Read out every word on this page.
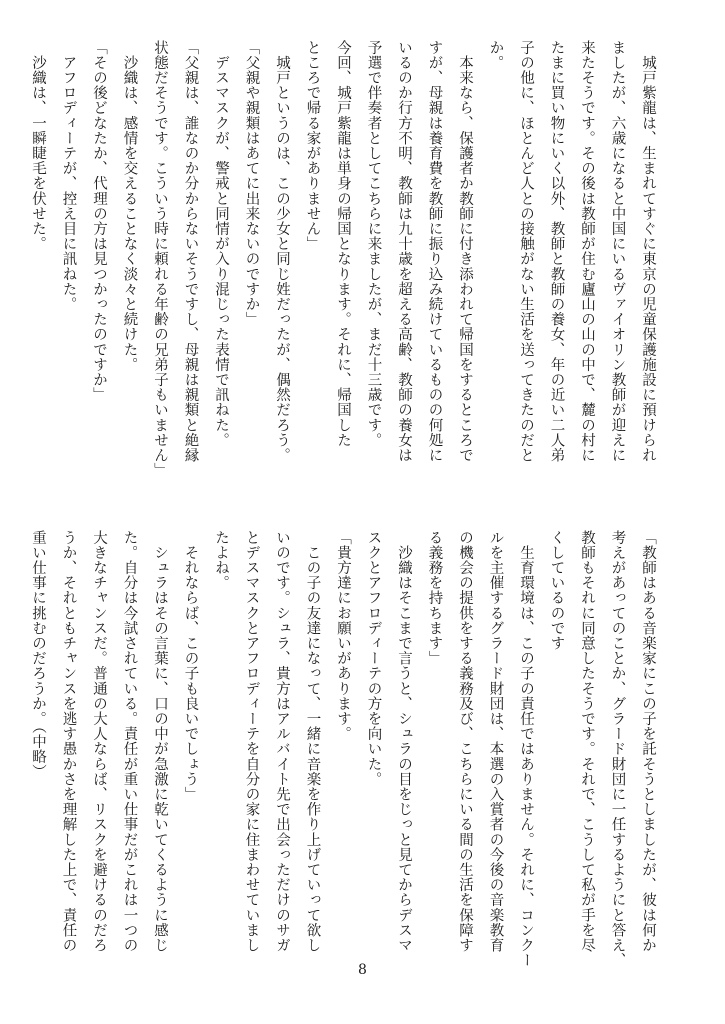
　城戸紫龍は、生まれてすぐに東京の児童保護施設に預けられ
ましたが、六歳になると中国にいるヴァイオリン教師が迎えに
来たそうです。その後は教師が住む廬山の山の中で、麓の村に
たまに買い物にいく以外、教師と教師の養女、年の近い二人弟
子の他に、ほとんど人との接触がない生活を送ってきたのだと
か。
　本来なら、保護者か教師に付き添われて帰国をするところで
すが、母親は養育費を教師に振り込み続けているものの何処に
いるのか行方不明、教師は九十歳を超える高齢、教師の養女は
予選で伴奏者としてこちらに来ましたが、まだ十三歳です。
今回、城戸紫龍は単身の帰国となります。それに、帰国した
ところで帰る家がありません」
　城戸というのは、この少女と同じ姓だったが、偶然だろう。
「父親や親類はあてに出来ないのですか」
　デスマスクが、警戒と同情が入り混じった表情で訊ねた。
「父親は、誰なのか分からないそうですし、母親は親類と絶縁
状態だそうです。こういう時に頼れる年齢の兄弟子もいません」
　沙織は、感情を交えることなく淡々と続けた。
「その後どなたか、代理の方は見つかったのですか」
　アフロディーテが、控え目に訊ねた。
　沙織は、一瞬睫毛を伏せた。
「教師はある音楽家にこの子を託そうとしましたが、彼は何か
考えがあってのことか、グラード財団に一任するようにと答え、
教師もそれに同意したそうです。それで、こうして私が手を尽
くしているのです
　生育環境は、この子の責任ではありません。それに、コンクー
ルを主催するグラード財団は、本選の入賞者の今後の音楽教育
の機会の提供をする義務及び、こちらにいる間の生活を保障す
る義務を持ちます」
　沙織はそこまで言うと、シュラの目をじっと見てからデスマ
スクとアフロディーテの方を向いた。
「貴方達にお願いがあります。
　この子の友達になって、一緒に音楽を作り上げていって欲し
いのです。シュラ、貴方はアルバイト先で出会っただけのサガ
とデスマスクとアフロディーテを自分の家に住まわせていまし
たよね。
　それならば、この子も良いでしょう」
　シュラはその言葉に、口の中が急激に乾いてくるように感じ
た。自分は今試されている。責任が重い仕事だがこれは一つの
大きなチャンスだ。普通の大人ならば、リスクを避けるのだろ
うか、それともチャンスを逃す愚かさを理解した上で、責任の
重い仕事に挑むのだろうか。（中略）
8
